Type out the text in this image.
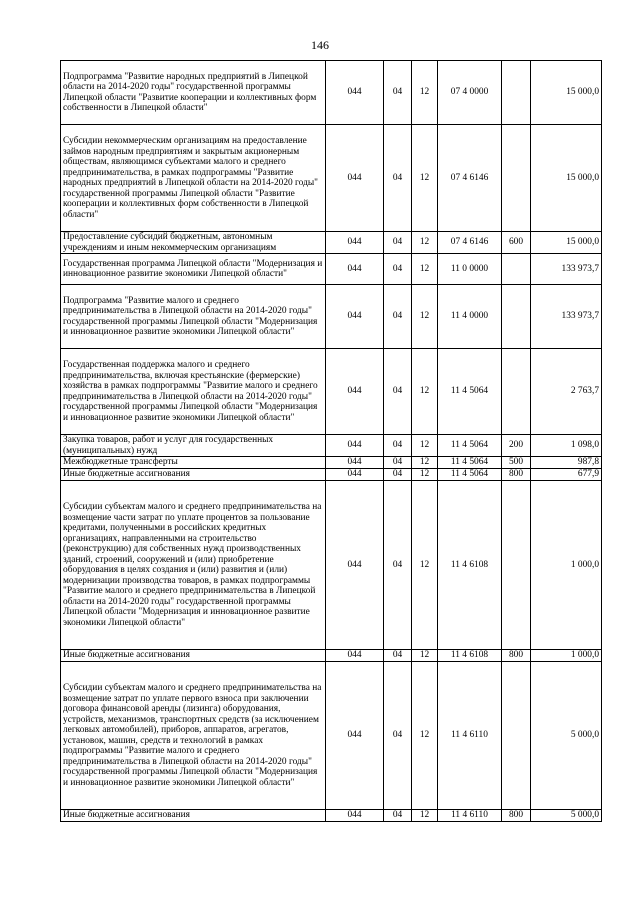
146
Подпрограмма "Развитие народных предприятий в Липецкой области на 2014-2020 годы" государственной программы Липецкой области "Развитие кооперации и коллективных форм собственности в Липецкой области"	044	04	12	07 4 0000		15 000,0
Субсидии некоммерческим организациям на предоставление займов народным предприятиям и закрытым акционерным обществам, являющимся субъектами малого и среднего предпринимательства, в рамках подпрограммы "Развитие народных предприятий в Липецкой области на 2014-2020 годы" государственной программы Липецкой области "Развитие кооперации и коллективных форм собственности в Липецкой области"	044	04	12	07 4 6146		15 000,0
Предоставление субсидий бюджетным, автономным учреждениям и иным некоммерческим организациям	044	04	12	07 4 6146	600	15 000,0
Государственная программа Липецкой области "Модернизация и инновационное развитие экономики Липецкой области"	044	04	12	11 0 0000		133 973,7
Подпрограмма "Развитие малого и среднего предпринимательства в Липецкой области на 2014-2020 годы" государственной программы Липецкой области "Модернизация и инновационное развитие экономики Липецкой области"	044	04	12	11 4 0000		133 973,7
Государственная поддержка малого и среднего предпринимательства, включая крестьянские (фермерские) хозяйства в рамках подпрограммы "Развитие малого и среднего предпринимательства в Липецкой области на 2014-2020 годы" государственной программы Липецкой области "Модернизация и инновационное развитие экономики Липецкой области"	044	04	12	11 4 5064		2 763,7
Закупка товаров, работ и услуг для государственных (муниципальных) нужд	044	04	12	11 4 5064	200	1 098,0
Межбюджетные трансферты	044	04	12	11 4 5064	500	987,8
Иные бюджетные ассигнования	044	04	12	11 4 5064	800	677,9
Субсидии субъектам малого и среднего предпринимательства на возмещение части затрат по уплате процентов за пользование кредитами, полученными в российских кредитных организациях, направленными на строительство (реконструкцию) для собственных нужд производственных зданий, строений, сооружений и (или) приобретение оборудования в целях создания и (или) развития и (или) модернизации производства товаров, в рамках подпрограммы "Развитие малого и среднего предпринимательства в Липецкой области на 2014-2020 годы" государственной программы Липецкой области "Модернизация и инновационное развитие экономики Липецкой области"	044	04	12	11 4 6108		1 000,0
Иные бюджетные ассигнования	044	04	12	11 4 6108	800	1 000,0
Субсидии субъектам малого и среднего предпринимательства на возмещение затрат по уплате первого взноса при заключении договора финансовой аренды (лизинга) оборудования, устройств, механизмов, транспортных средств (за исключением легковых автомобилей), приборов, аппаратов, агрегатов, установок, машин, средств и технологий в рамках подпрограммы "Развитие малого и среднего предпринимательства в Липецкой области на 2014-2020 годы" государственной программы Липецкой области "Модернизация и инновационное развитие экономики Липецкой области"	044	04	12	11 4 6110		5 000,0
Иные бюджетные ассигнования	044	04	12	11 4 6110	800	5 000,0
